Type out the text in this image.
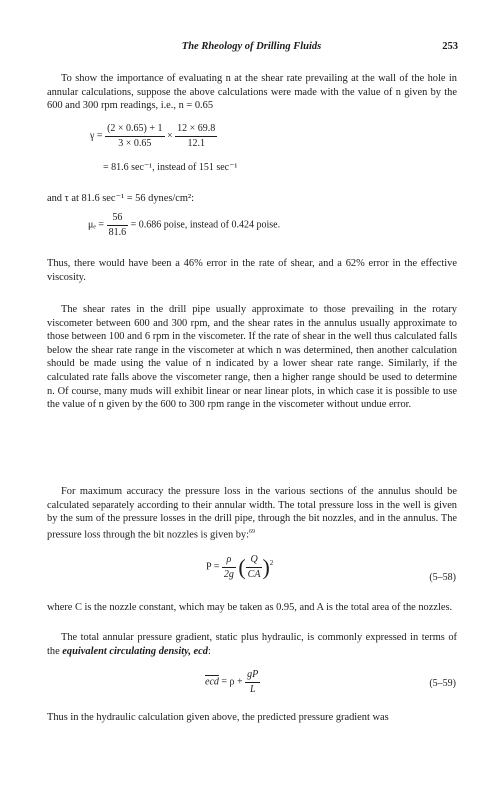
The Rheology of Drilling Fluids	253

To show the importance of evaluating n at the shear rate prevailing at the wall of the hole in annular calculations, suppose the above calculations were made with the value of n given by the 600 and 300 rpm readings, i.e., n = 0.65

$\gamma = \frac{(2 \times 0.65) + 1}{3 \times 0.65} \times \frac{12 \times 69.8}{12.1}$
= 81.6 sec⁻¹, instead of 151 sec⁻¹

and τ at 81.6 sec⁻¹ = 56 dynes/cm²:

$\mu_e = \frac{56}{81.6} = 0.686$ poise, instead of 0.424 poise.

Thus, there would have been a 46% error in the rate of shear, and a 62% error in the effective viscosity.

The shear rates in the drill pipe usually approximate to those prevailing in the rotary viscometer between 600 and 300 rpm, and the shear rates in the annulus usually approximate to those between 100 and 6 rpm in the viscometer. If the rate of shear in the well thus calculated falls below the shear rate range in the viscometer at which n was determined, then another calculation should be made using the value of n indicated by a lower shear rate range. Similarly, if the calculated rate falls above the viscometer range, then a higher range should be used to determine n. Of course, many muds will exhibit linear or near linear plots, in which case it is possible to use the value of n given by the 600 to 300 rpm range in the viscometer without undue error.

For maximum accuracy the pressure loss in the various sections of the annulus should be calculated separately according to their annular width. The total pressure loss in the well is given by the sum of the pressure losses in the drill pipe, through the bit nozzles, and in the annulus. The pressure loss through the bit nozzles is given by:$^{69}$

$P = \frac{\rho}{2g}$ ( $\frac{Q}{CA} )^2$
(5–58)

where C is the nozzle constant, which may be taken as 0.95, and A is the total area of the nozzles.

The total annular pressure gradient, static plus hydraulic, is commonly expressed in terms of the equivalent circulating density, ecd:

$\overline{ecd} = \rho + \frac{gP}{L}$	(5–59)

Thus in the hydraulic calculation given above, the predicted pressure gradient was
